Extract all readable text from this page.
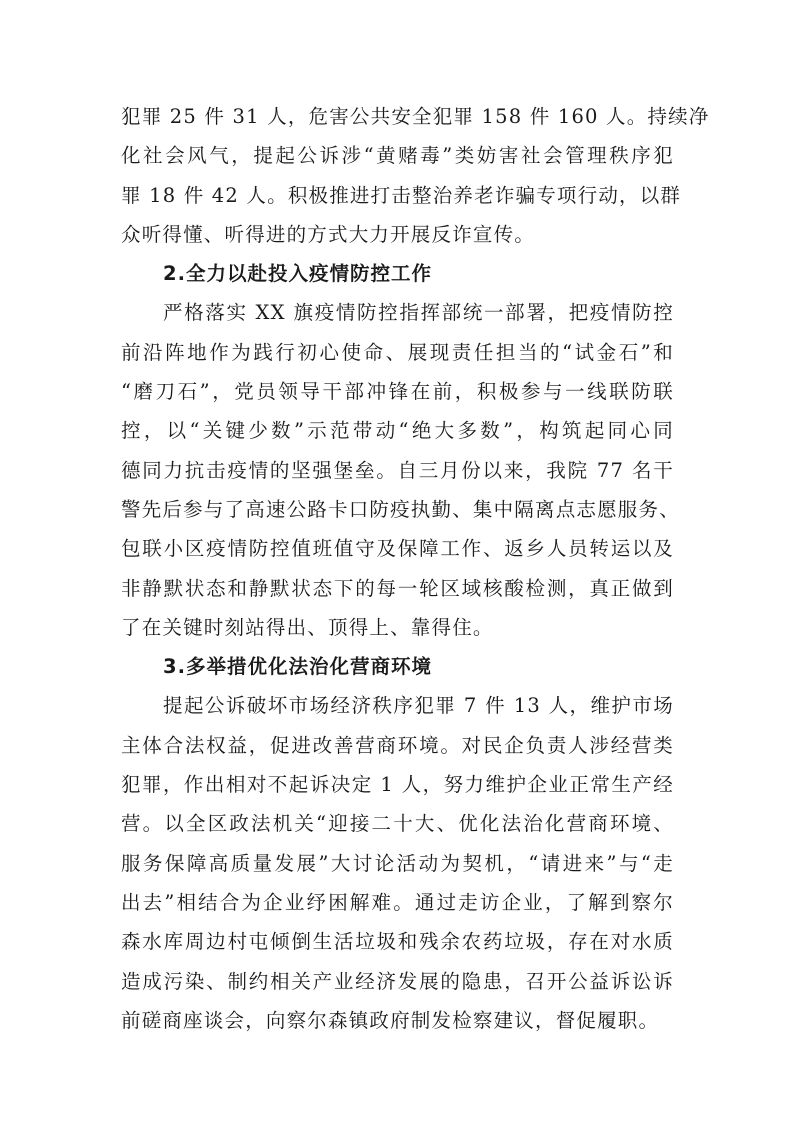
犯罪 25 件 31 人，危害公共安全犯罪 158 件 160 人。持续净
化社会风气，提起公诉涉“黄赌毒”类妨害社会管理秩序犯
罪 18 件 42 人。积极推进打击整治养老诈骗专项行动，以群
众听得懂、听得进的方式大力开展反诈宣传。
2.全力以赴投入疫情防控工作
严格落实 XX 旗疫情防控指挥部统一部署，把疫情防控
前沿阵地作为践行初心使命、展现责任担当的“试金石”和
“磨刀石”，党员领导干部冲锋在前，积极参与一线联防联
控，以“关键少数”示范带动“绝大多数”，构筑起同心同
德同力抗击疫情的坚强堡垒。自三月份以来，我院 77 名干
警先后参与了高速公路卡口防疫执勤、集中隔离点志愿服务、
包联小区疫情防控值班值守及保障工作、返乡人员转运以及
非静默状态和静默状态下的每一轮区域核酸检测，真正做到
了在关键时刻站得出、顶得上、靠得住。
3.多举措优化法治化营商环境
提起公诉破坏市场经济秩序犯罪 7 件 13 人，维护市场
主体合法权益，促进改善营商环境。对民企负责人涉经营类
犯罪，作出相对不起诉决定 1 人，努力维护企业正常生产经
营。以全区政法机关“迎接二十大、优化法治化营商环境、
服务保障高质量发展”大讨论活动为契机，“请进来”与“走
出去”相结合为企业纾困解难。通过走访企业，了解到察尔
森水库周边村屯倾倒生活垃圾和残余农药垃圾，存在对水质
造成污染、制约相关产业经济发展的隐患，召开公益诉讼诉
前磋商座谈会，向察尔森镇政府制发检察建议，督促履职。
